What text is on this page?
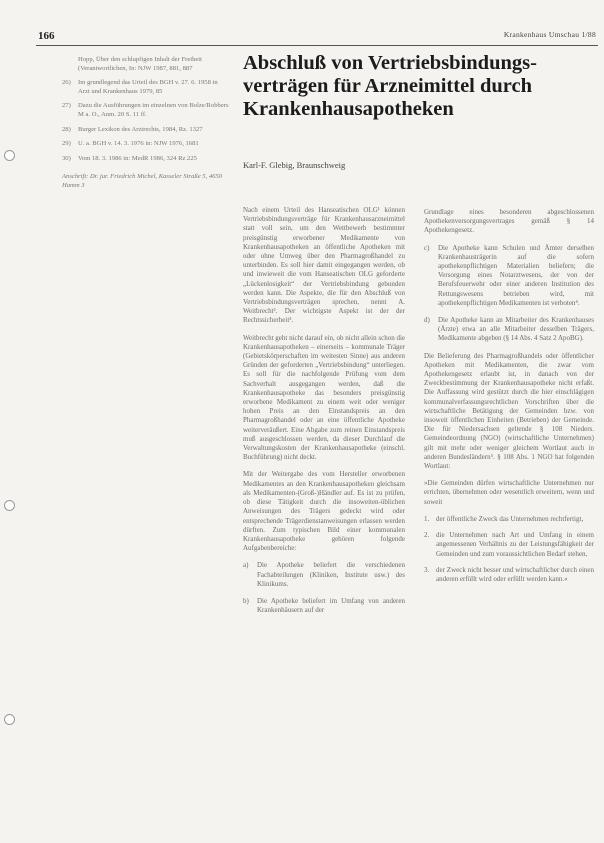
166	Krankenhaus Umschau 1/88
Hopp, Über den schlupfigen Inhalt der Freiheit (Verantwortlichen, In: NJW 1987, 881, 887
26) Im grundlegend das Urteil des BGH v. 27. 6. 1958 in Arzt und Krankenhaus 1979, 85
27) Dazu die Ausführungen im einzelnen von Bolze/Robbers M a. O., Anm. 20 S. 11 ff.
28) Burger Lexikon des Arztrechts, 1984, Rz. 1327
29) U. a. BGH v. 14. 3. 1976 in: NJW 1976, 1681
30) Vom 18. 3. 1986 in: MedR 1986, 324 Rz 225
Anschrift: Dr. jur. Friedrich Michel, Kasseler Straße 5, 4650 Hamm 3
Abschluß von Vertriebsbindungs-verträgen für Arzneimittel durch Krankenhausapotheken
Karl-F. Glebig, Braunschweig

Nach einem Urteil des Hanseatischen OLG¹ können Vertriebsbindungsverträge für Krankenhausarzneimittel statt voll sein, um den Wettbewerb bestimmter preisgünstig erworbener Medikamente von Krankenhausapotheken an öffentliche Apotheken mit oder ohne Umweg über den Pharmagroßhandel zu unterbinden. Es soll hier damit eingegangen werden, ob und inwieweit die vom Hanseatischen OLG geforderte „Lückenlosigkeit“ der Vertriebsbindung gebunden werden kann. Die Aspekte, die für den Abschluß von Vertriebsbindungsverträgen sprechen, nennt A. Weitbrecht². Der wichtigste Aspekt ist der der Rechtssicherheit³.

Weitbrecht geht nicht darauf ein, ob nicht allein schon die Krankenhausapotheken – einerseits – kommunale Träger (Gebietskörperschaften im weitesten Sinne) aus anderen Gründen der geforderten „Vertriebsbindung“ unterliegen. Es soll für die nachfolgende Prüfung vom dem Sachverhalt ausgegangen werden, daß die Krankenhausapotheke das besonders preisgünstig erworbene Medikament zu einem weit oder weniger hohen Preis an den Einstandspreis an den Pharmagroßhandel oder an eine öffentliche Apotheke weiterveräußert. Eine Abgabe zum reinen Einstandspreis muß ausgeschlossen werden, da dieser Durchlauf die Verwaltungskosten der Krankenhausapotheke (einschl. Buchführung) nicht deckt.

Mit der Weitergabe des vom Hersteller erworbenen Medikamentes an den Krankenhausapotheken gleichsam als Medikamenten-(Groß-)Händler auf. Es ist zu prüfen, ob diese Tätigkeit durch die insoweiten-üblichen Anweisungen des Trägers gedeckt wird oder entsprechende Trägerdienstanweisungen erlassen werden dürften. Zum typischen Bild einer kommunalen Krankenhausapotheke gehören folgende Aufgabenbereiche:

a) Die Apotheke beliefert die verschiedenen Fachabteilungen (Kliniken, Institute usw.) des Klinikums.
b) Die Apotheke beliefert im Umfang von anderen Krankenhäusern auf der

Grundlage eines besonderen abgeschlossenen Apothekenversorgungsvertrages gemäß § 14 Apothekengesetz.

c) Die Apotheke kann Schulen und Ämter derselben Krankenhausträgerin auf die sofern apothekenpflichtigen Materialien beliefern; die Versorgung eines Notarztwesens, der von der Berufsfeuerwehr oder einer anderen Institution des Rettungswesens betrieben wird, mit apothekenpflichtigen Medikamenten ist verboten⁴.
d) Die Apotheke kann an Mitarbeiter des Krankenhauses (Ärzte) etwa an alle Mitarbeiter desselben Trägers, Medikamente abgeben (§ 14 Abs. 4 Satz 2 ApoBG).

Die Belieferung des Pharmagroßhandels oder öffentlicher Apotheken mit Medikamenten, die zwar vom Apothekengesetz erlaubt ist, in danach von der Zweckbestimmung der Krankenhausapotheke nicht erfaßt. Die Auffassung wird gestützt durch die hier einschlägigen kommunalverfassungsrechtlichen Vorschriften über die wirtschaftliche Betätigung der Gemeinden bzw. von insoweit öffentlichen Einheiten (Betrieben) der Gemeinde. Die für Niedersachsen geltende § 108 Nieders. Gemeindeordnung (NGO) (wirtschaftliche Unternehmen) gilt mit mehr oder weniger gleichem Wortlaut auch in anderen Bundesländern⁵. § 108 Abs. 1 NGO hat folgenden Wortlaut:

»Die Gemeinden dürfen wirtschaftliche Unternehmen nur errichten, übernehmen oder wesentlich erweitern, wenn und soweit

1. der öffentliche Zweck das Unternehmen rechtfertigt,
2. die Unternehmen nach Art und Umfang in einem angemessenen Verhältnis zu der Leistungsfähigkeit der Gemeinden und zum voraussichtlichen Bedarf stehen,
3. der Zweck nicht besser und wirtschaftlicher durch einen anderen erfüllt wird oder erfüllt werden kann.«
